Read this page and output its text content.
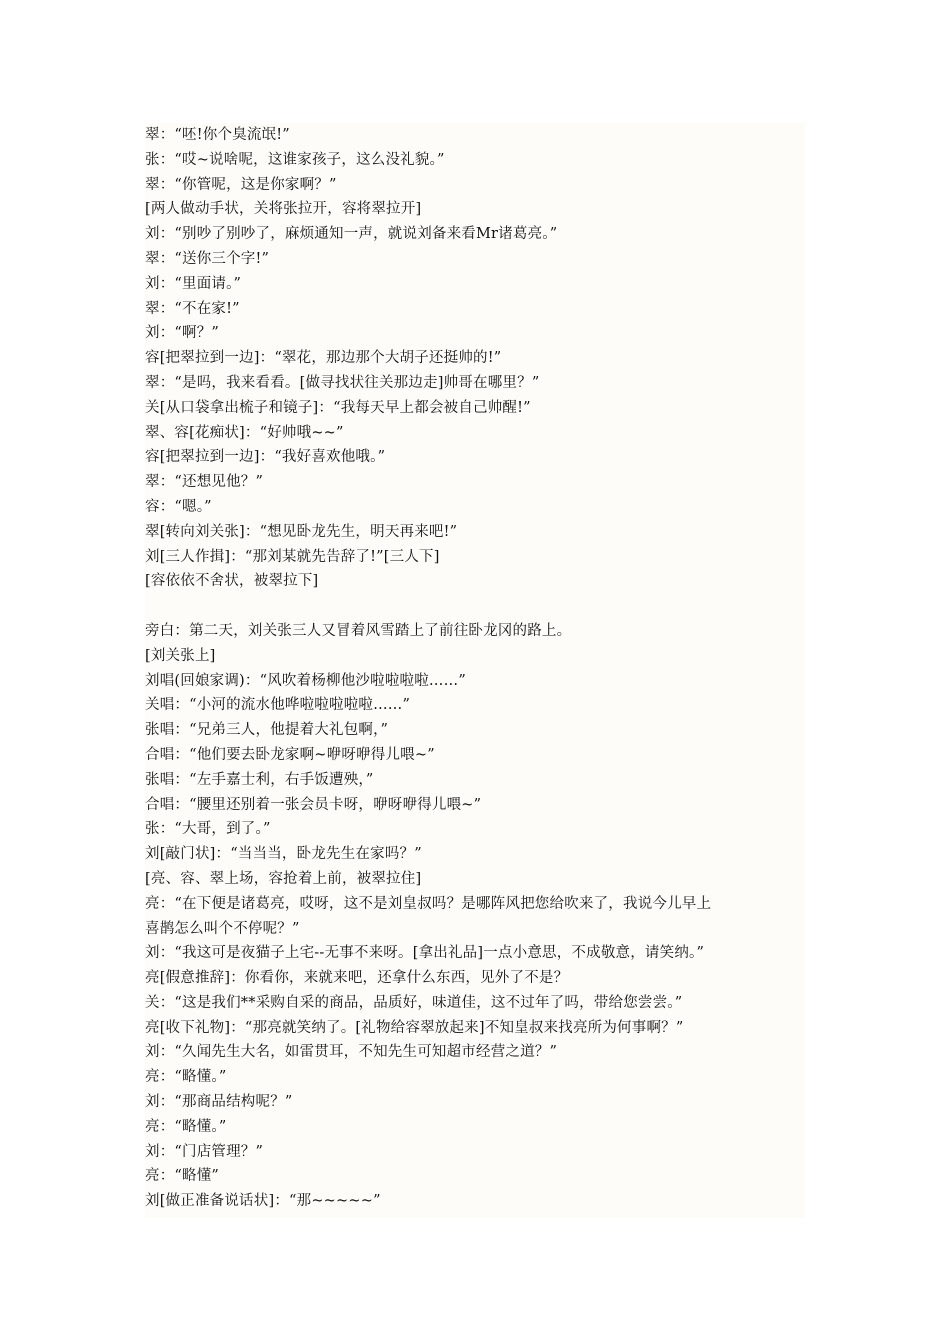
翠：“呸!你个臭流氓!”
张：“哎~说啥呢，这谁家孩子，这么没礼貌。”
翠：“你管呢，这是你家啊？”
[两人做动手状，关将张拉开，容将翠拉开]
刘：“别吵了别吵了，麻烦通知一声，就说刘备来看Mr诸葛亮。”
翠：“送你三个字!”
刘：“里面请。”
翠：“不在家!”
刘：“啊？”
容[把翠拉到一边]：“翠花，那边那个大胡子还挺帅的!”
翠：“是吗，我来看看。[做寻找状往关那边走]帅哥在哪里？”
关[从口袋拿出梳子和镜子]：“我每天早上都会被自己帅醒!”
翠、容[花痴状]：“好帅哦~~”
容[把翠拉到一边]：“我好喜欢他哦。”
翠：“还想见他？”
容：“嗯。”
翠[转向刘关张]：“想见卧龙先生，明天再来吧!”
刘[三人作揖]：“那刘某就先告辞了!”[三人下]
[容依依不舍状，被翠拉下]
旁白：第二天，刘关张三人又冒着风雪踏上了前往卧龙冈的路上。
[刘关张上]
刘唱(回娘家调)：“风吹着杨柳他沙啦啦啦啦……”
关唱：“小河的流水他哗啦啦啦啦啦……”
张唱：“兄弟三人，他提着大礼包啊，”
合唱：“他们要去卧龙家啊~咿呀咿得儿喂~”
张唱：“左手嘉士利，右手饭遭殃，”
合唱：“腰里还别着一张会员卡呀，咿呀咿得儿喂~”
张：“大哥，到了。”
刘[敲门状]：“当当当，卧龙先生在家吗？”
[亮、容、翠上场，容抢着上前，被翠拉住]
亮：“在下便是诸葛亮，哎呀，这不是刘皇叔吗？是哪阵风把您给吹来了，我说今儿早上
喜鹊怎么叫个不停呢？”
刘：“我这可是夜猫子上宅--无事不来呀。[拿出礼品]一点小意思，不成敬意，请笑纳。”
亮[假意推辞]：你看你，来就来吧，还拿什么东西，见外了不是？
关：“这是我们**采购自采的商品，品质好，味道佳，这不过年了吗，带给您尝尝。”
亮[收下礼物]：“那亮就笑纳了。[礼物给容翠放起来]不知皇叔来找亮所为何事啊？”
刘：“久闻先生大名，如雷贯耳，不知先生可知超市经营之道？”
亮：“略懂。”
刘：“那商品结构呢？”
亮：“略懂。”
刘：“门店管理？”
亮：“略懂”
刘[做正准备说话状]：“那~~~~~”
